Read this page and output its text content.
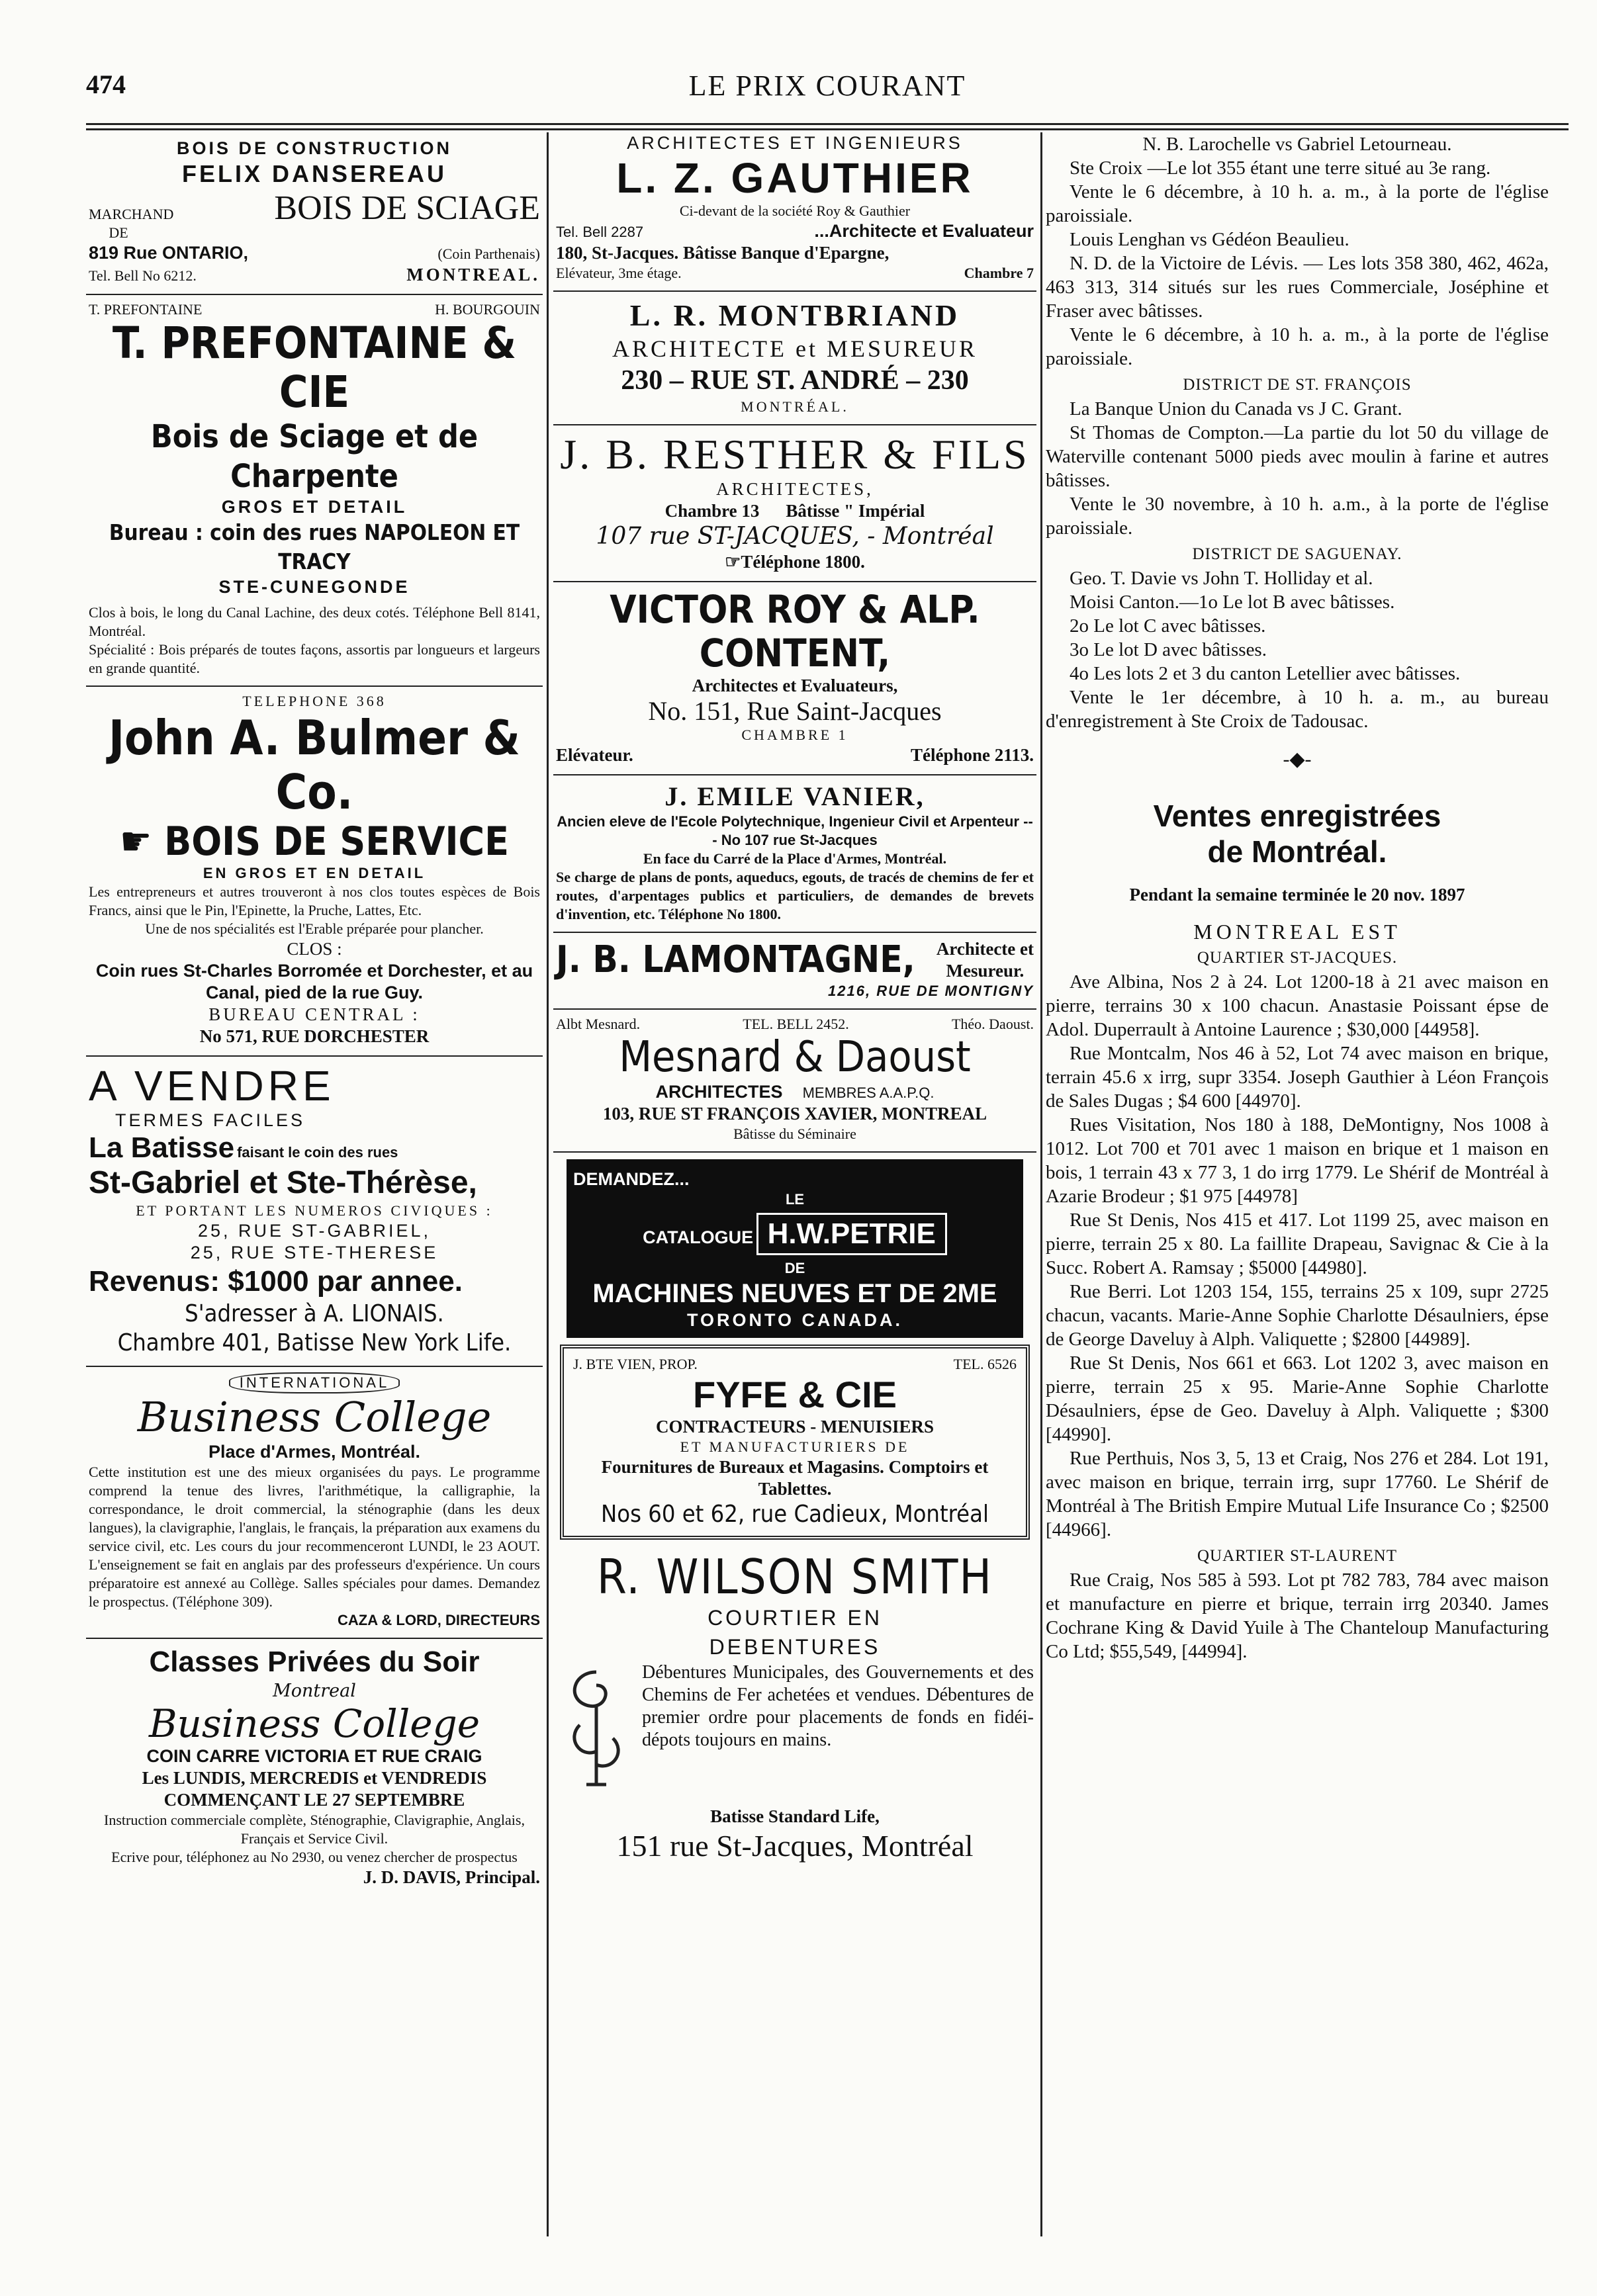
474	LE PRIX COURANT
BOIS DE CONSTRUCTION
FELIX DANSEREAU
MARCHAND DE
BOIS DE SCIAGE
819 Rue ONTARIO,	(Coin Parthenais)
Tel. Bell No 6212.	MONTREAL.
T. PREFONTAINE	H. BOURGOUIN
T. PREFONTAINE & CIE
Bois de Sciage et de Charpente
GROS ET DETAIL
Bureau : coin des rues NAPOLEON ET TRACY
STE-CUNEGONDE
Clos à bois, le long du Canal Lachine, des deux cotés. Téléphone Bell 8141, Montréal.
Spécialité : Bois préparés de toutes façons, assortis par longueurs et largeurs en grande quantité.
TELEPHONE 368
John A. Bulmer & Co.
☛ BOIS DE SERVICE
EN GROS ET EN DETAIL
Les entrepreneurs et autres trouveront à nos clos toutes espèces de Bois Francs, ainsi que le Pin, l'Epinette, la Pruche, Lattes, Etc.
Une de nos spécialités est l'Erable préparée pour plancher.
CLOS :
Coin rues St-Charles Borromée et Dorchester, et au Canal, pied de la rue Guy.
BUREAU CENTRAL :
No 571, RUE DORCHESTER
A VENDRE
TERMES FACILES
La Batisse faisant le coin des rues
St-Gabriel et Ste-Thérèse,
ET PORTANT LES NUMEROS CIVIQUES :
25, RUE ST-GABRIEL,
25, RUE STE-THERESE
Revenus: $1000 par annee.
S'adresser à A. LIONAIS.
Chambre 401, Batisse New York Life.
INTERNATIONAL
Business College
Place d'Armes, Montréal.
Cette institution est une des mieux organisées du pays. Le programme comprend la tenue des livres, l'arithmétique, la calligraphie, la correspondance, le droit commercial, la sténographie (dans les deux langues), la clavigraphie, l'anglais, le français, la préparation aux examens du service civil, etc. Les cours du jour recommenceront LUNDI, le 23 AOUT. L'enseignement se fait en anglais par des professeurs d'expérience. Un cours préparatoire est annexé au Collège. Salles spéciales pour dames. Demandez le prospectus. (Téléphone 309).
CAZA & LORD, DIRECTEURS
Classes Privées du Soir
Montreal
Business College
COIN CARRE VICTORIA ET RUE CRAIG
Les LUNDIS, MERCREDIS et VENDREDIS
COMMENÇANT LE 27 SEPTEMBRE
Instruction commerciale complète, Sténographie, Clavigraphie, Anglais, Français et Service Civil.
Ecrive pour, téléphonez au No 2930, ou venez chercher de prospectus
J. D. DAVIS, Principal.
ARCHITECTES ET INGENIEURS
L. Z. GAUTHIER
Ci-devant de la société Roy & Gauthier
Tel. Bell 2287	...Architecte et Evaluateur
180, St-Jacques. Bâtisse Banque d'Epargne,
Elévateur, 3me étage.	Chambre 7
L. R. MONTBRIAND
ARCHITECTE et MESUREUR
230 – RUE ST. ANDRÉ – 230
MONTRÉAL.
J. B. RESTHER & FILS
ARCHITECTES,
Chambre 13 Bâtisse " Impérial
107 rue ST-JACQUES, - Montréal
☞Téléphone 1800.
VICTOR ROY & ALP. CONTENT,
Architectes et Evaluateurs,
No. 151, Rue Saint-Jacques
CHAMBRE 1
Elévateur.	Téléphone 2113.
J. EMILE VANIER,
Ancien eleve de l'Ecole Polytechnique, Ingenieur Civil et Arpenteur --- No 107 rue St-Jacques
En face du Carré de la Place d'Armes, Montréal.
Se charge de plans de ponts, aqueducs, egouts, de tracés de chemins de fer et routes, d'arpentages publics et particuliers, de demandes de brevets d'invention, etc. Téléphone No 1800.
J. B. LAMONTAGNE, Architecte et
Mesureur.
1216, RUE DE MONTIGNY
Albt Mesnard.	TEL. BELL 2452.	Théo. Daoust.
Mesnard & Daoust
ARCHITECTES MEMBRES A.A.P.Q.
103, RUE ST FRANÇOIS XAVIER, MONTREAL
Bâtisse du Séminaire
DEMANDEZ...
LE
CATALOGUE H.W.PETRIE
DE
MACHINES NEUVES ET DE 2ME
TORONTO CANADA.
J. BTE VIEN, PROP.	TEL. 6526
FYFE & CIE
CONTRACTEURS - MENUISIERS
ET MANUFACTURIERS DE
Fournitures de Bureaux et Magasins. Comptoirs et Tablettes.
Nos 60 et 62, rue Cadieux, Montréal
R. WILSON SMITH
COURTIER EN
DEBENTURES
Débentures Municipales, des Gouvernements et des Chemins de Fer achetées et vendues. Débentures de premier ordre pour placements de fonds en fidéi-dépots toujours en mains.
Batisse Standard Life,
151 rue St-Jacques, Montréal

N. B. Larochelle vs Gabriel Letourneau.

Ste Croix —Le lot 355 étant une terre situé au 3e rang.

Vente le 6 décembre, à 10 h. a. m., à la porte de l'église paroissiale.

Louis Lenghan vs Gédéon Beaulieu.

N. D. de la Victoire de Lévis. — Les lots 358 380, 462, 462a, 463 313, 314 situés sur les rues Commerciale, Joséphine et Fraser avec bâtisses.

Vente le 6 décembre, à 10 h. a. m., à la porte de l'église paroissiale.

DISTRICT DE ST. FRANÇOIS

La Banque Union du Canada vs J C. Grant.

St Thomas de Compton.—La partie du lot 50 du village de Waterville contenant 5000 pieds avec moulin à farine et autres bâtisses.

Vente le 30 novembre, à 10 h. a.m., à la porte de l'église paroissiale.

DISTRICT DE SAGUENAY.

Geo. T. Davie vs John T. Holliday et al.

Moisi Canton.—1o Le lot B avec bâtisses.

2o Le lot C avec bâtisses.

3o Le lot D avec bâtisses.

4o Les lots 2 et 3 du canton Letellier avec bâtisses.

Vente le 1er décembre, à 10 h. a. m., au bureau d'enregistrement à Ste Croix de Tadousac.

-◆-

Ventes enregistrées
de Montréal.

Pendant la semaine terminée le 20 nov. 1897

MONTREAL EST

QUARTIER ST-JACQUES.

Ave Albina, Nos 2 à 24. Lot 1200-18 à 21 avec maison en pierre, terrains 30 x 100 chacun. Anastasie Poissant épse de Adol. Duperrault à Antoine Laurence ; $30,000 [44958].

Rue Montcalm, Nos 46 à 52, Lot 74 avec maison en brique, terrain 45.6 x irrg, supr 3354. Joseph Gauthier à Léon François de Sales Dugas ; $4 600 [44970].

Rues Visitation, Nos 180 à 188, DeMontigny, Nos 1008 à 1012. Lot 700 et 701 avec 1 maison en brique et 1 maison en bois, 1 terrain 43 x 77 3, 1 do irrg 1779. Le Shérif de Montréal à Azarie Brodeur ; $1 975 [44978]

Rue St Denis, Nos 415 et 417. Lot 1199 25, avec maison en pierre, terrain 25 x 80. La faillite Drapeau, Savignac & Cie à la Succ. Robert A. Ramsay ; $5000 [44980].

Rue Berri. Lot 1203 154, 155, terrains 25 x 109, supr 2725 chacun, vacants. Marie-Anne Sophie Charlotte Désaulniers, épse de George Daveluy à Alph. Valiquette ; $2800 [44989].

Rue St Denis, Nos 661 et 663. Lot 1202 3, avec maison en pierre, terrain 25 x 95. Marie-Anne Sophie Charlotte Désaulniers, épse de Geo. Daveluy à Alph. Valiquette ; $300 [44990].

Rue Perthuis, Nos 3, 5, 13 et Craig, Nos 276 et 284. Lot 191, avec maison en brique, terrain irrg, supr 17760. Le Shérif de Montréal à The British Empire Mutual Life Insurance Co ; $2500 [44966].

QUARTIER ST-LAURENT

Rue Craig, Nos 585 à 593. Lot pt 782 783, 784 avec maison et manufacture en pierre et brique, terrain irrg 20340. James Cochrane King & David Yuile à The Chanteloup Manufacturing Co Ltd; $55,549, [44994].
